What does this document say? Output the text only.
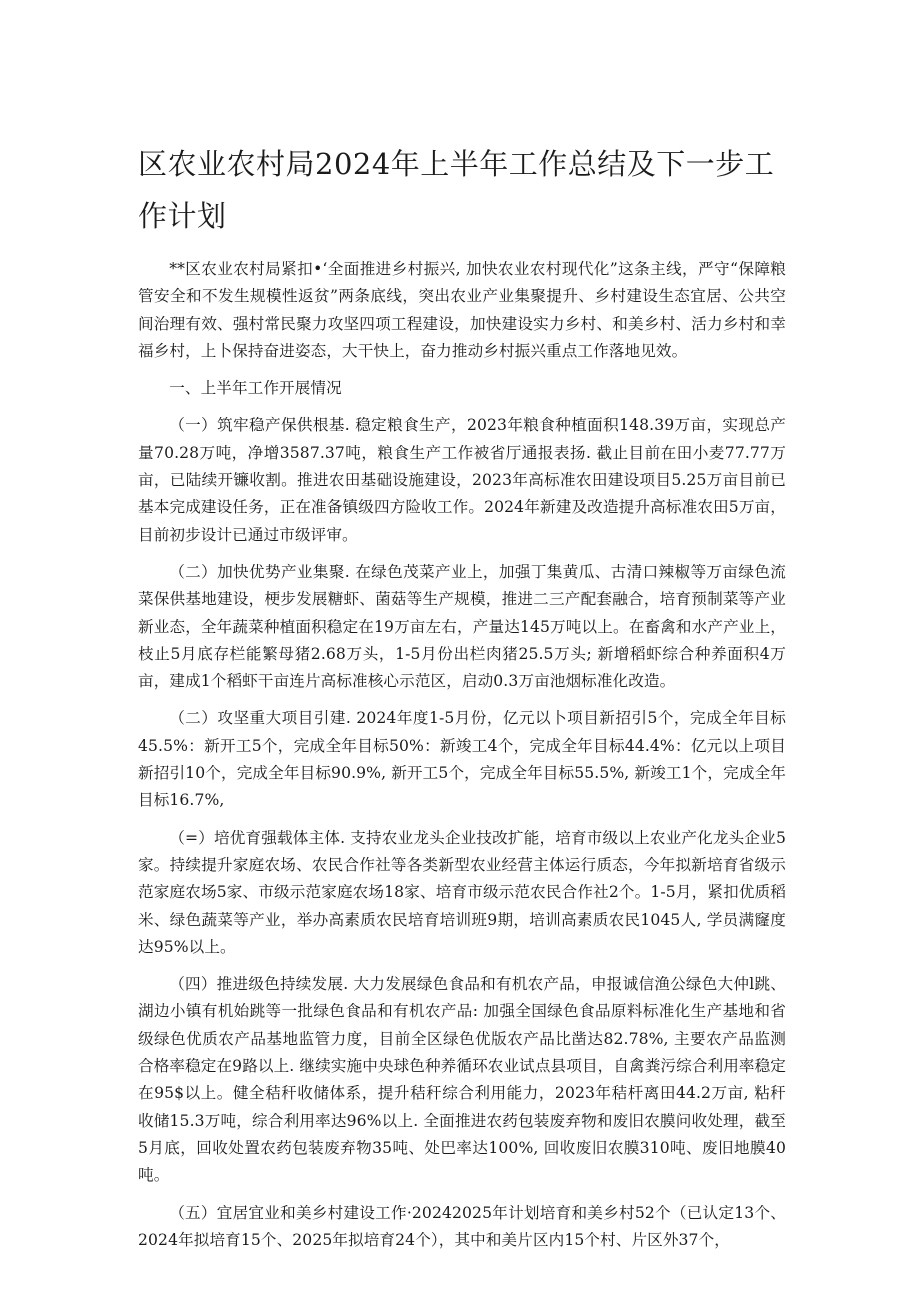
区农业农村局2024年上半年工作总结及下一步工作计划

**区农业农村局紧扣•‘全面推进乡村振兴, 加快农业农村现代化”这条主线，严守“保障粮管安全和不发生规模性返贫”两条底线，突出农业产业集聚提升、乡村建设生态宜居、公共空间治理有效、强村常民聚力攻坚四项工程建设，加快建设实力乡村、和美乡村、活力乡村和幸福乡村，上卜保持奋进姿态，大干快上，奋力推动乡村振兴重点工作落地见效。

一、上半年工作开展情况

（一）筑牢稳产保供根基. 稳定粮食生产，2023年粮食种植面积148.39万亩，实现总产量70.28万吨，净增3587.37吨，粮食生产工作被省厅通报表扬. 截止目前在田小麦77.77万亩，已陆续开镰收割。推进农田基础设施建设，2023年高标准农田建设项目5.25万亩目前已基本完成建设任务，正在准备镇级四方险收工作。2024年新建及改造提升高标准农田5万亩，目前初步设计已通过市级评审。

（二）加快优势产业集聚. 在绿色茂菜产业上，加强丁集黄瓜、古清口辣椒等万亩绿色流菜保供基地建设，梗步发展糖虾、菌菇等生产规模，推进二三产配套融合，培育预制菜等产业新业态，全年蔬菜种植面积稳定在19万亩左右，产量达145万吨以上。在畜禽和水产产业上，枝止5月底存栏能繁母猪2.68万头，1-5月份出栏肉猪25.5万头; 新增稻虾综合种养面积4万亩，建成1个稻虾干亩连片高标准核心示范区，启动0.3万亩池烟标准化改造。

（二）攻坚重大项目引建. 2024年度1-5月份，亿元以卜项目新招引5个，完成全年目标45.5%：新开工5个，完成全年目标50%：新竣工4个，完成全年目标44.4%：亿元以上项目新招引10个，完成全年目标90.9%, 新开工5个，完成全年目标55.5%, 新竣工1个，完成全年目标16.7%,

（=）培优育强载体主体. 支持农业龙头企业技改扩能，培育市级以上农业产化龙头企业5家。持续提升家庭农场、农民合作社等各类新型农业经营主体运行质态，今年拟新培育省级示范家庭农场5家、市级示范家庭农场18家、培育市级示范农民合作社2个。1-5月，紧扣优质稻米、绿色蔬菜等产业，举办高素质农民培育培训班9期，培训高素质农民1045人, 学员满窿度达95%以上。

（四）推进级色持续发展. 大力发展绿色食品和有机农产品，申报诚信渔公绿色大仲l跳、湖边小镇有机始跳等一批绿色食品和有机农产品: 加强全国绿色食品原料标准化生产基地和省级绿色优质农产品基地监管力度，目前全区绿色优版农产品比凿达82.78%, 主要农产品监测合格率稳定在9路以上. 继续实施中央球色种养循环农业试点县项目，自禽粪污综合利用率稳定在95$以上。健全秸秆收储体系，提升秸秆综合利用能力，2023年秸杆离田44.2万亩, 粘秆收储15.3万吨，综合利用率达96%以上. 全面推进农药包装废弃物和废旧农膜问收处理，截至5月底，回收处置农药包装废弃物35吨、处巴率达100%, 回收废旧农膜310吨、废旧地膜40吨。

（五）宜居宜业和美乡村建设工作·20242025年计划培育和美乡村52个（已认定13个、2024年拟培育15个、2025年拟培育24个），其中和美片区内15个村、片区外37个，
